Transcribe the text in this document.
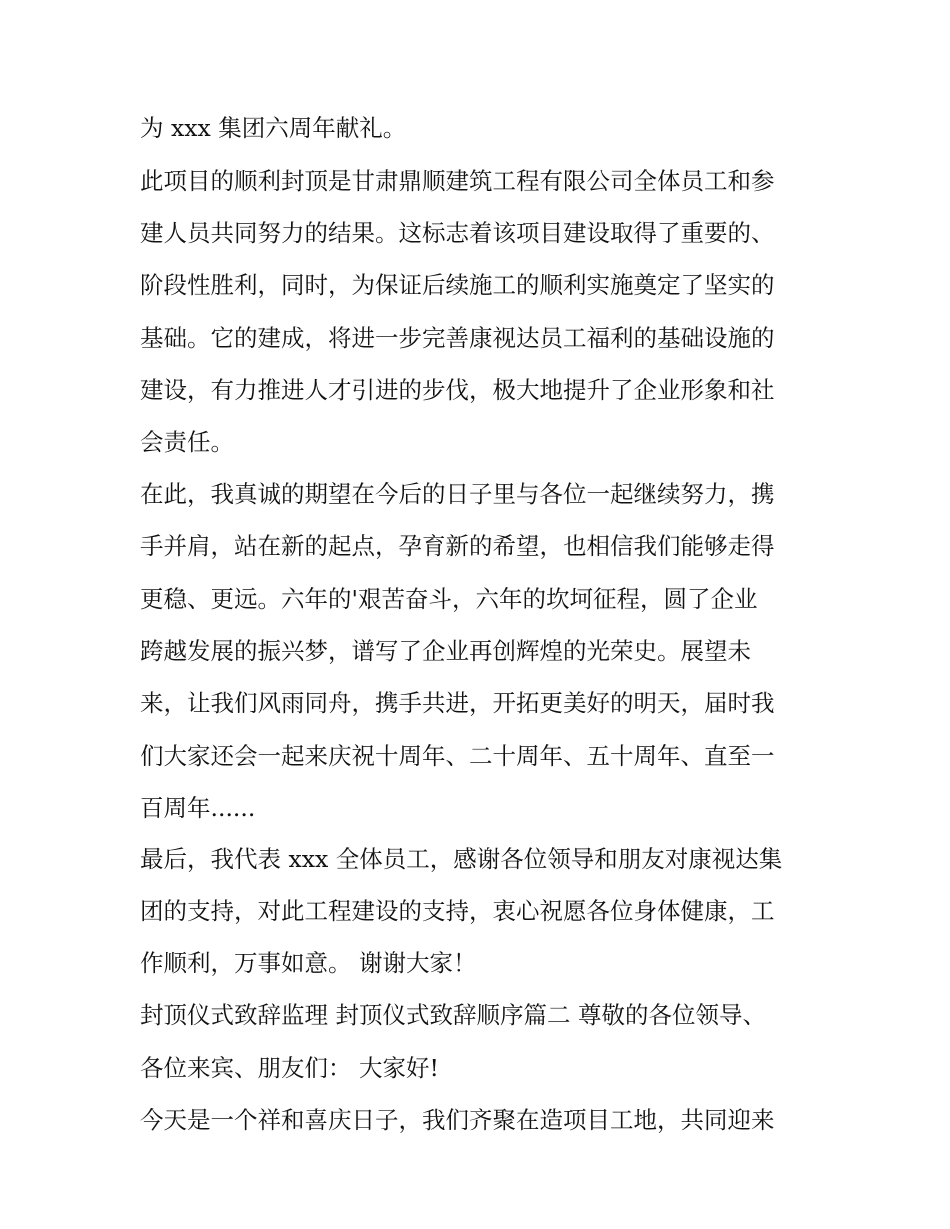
为 xxx 集团六周年献礼。
此项目的顺利封顶是甘肃鼎顺建筑工程有限公司全体员工和参
建人员共同努力的结果。这标志着该项目建设取得了重要的、
阶段性胜利，同时，为保证后续施工的顺利实施奠定了坚实的
基础。它的建成，将进一步完善康视达员工福利的基础设施的
建设，有力推进人才引进的步伐，极大地提升了企业形象和社
会责任。
在此，我真诚的期望在今后的日子里与各位一起继续努力，携
手并肩，站在新的起点，孕育新的希望，也相信我们能够走得
更稳、更远。六年的'艰苦奋斗，六年的坎坷征程，圆了企业
跨越发展的振兴梦，谱写了企业再创辉煌的光荣史。展望未
来，让我们风雨同舟，携手共进，开拓更美好的明天，届时我
们大家还会一起来庆祝十周年、二十周年、五十周年、直至一
百周年......
最后，我代表 xxx 全体员工，感谢各位领导和朋友对康视达集
团的支持，对此工程建设的支持，衷心祝愿各位身体健康，工
作顺利，万事如意。 谢谢大家！
封顶仪式致辞监理 封顶仪式致辞顺序篇二 尊敬的各位领导、
各位来宾、朋友们： 大家好!
今天是一个祥和喜庆日子，我们齐聚在造项目工地，共同迎来
